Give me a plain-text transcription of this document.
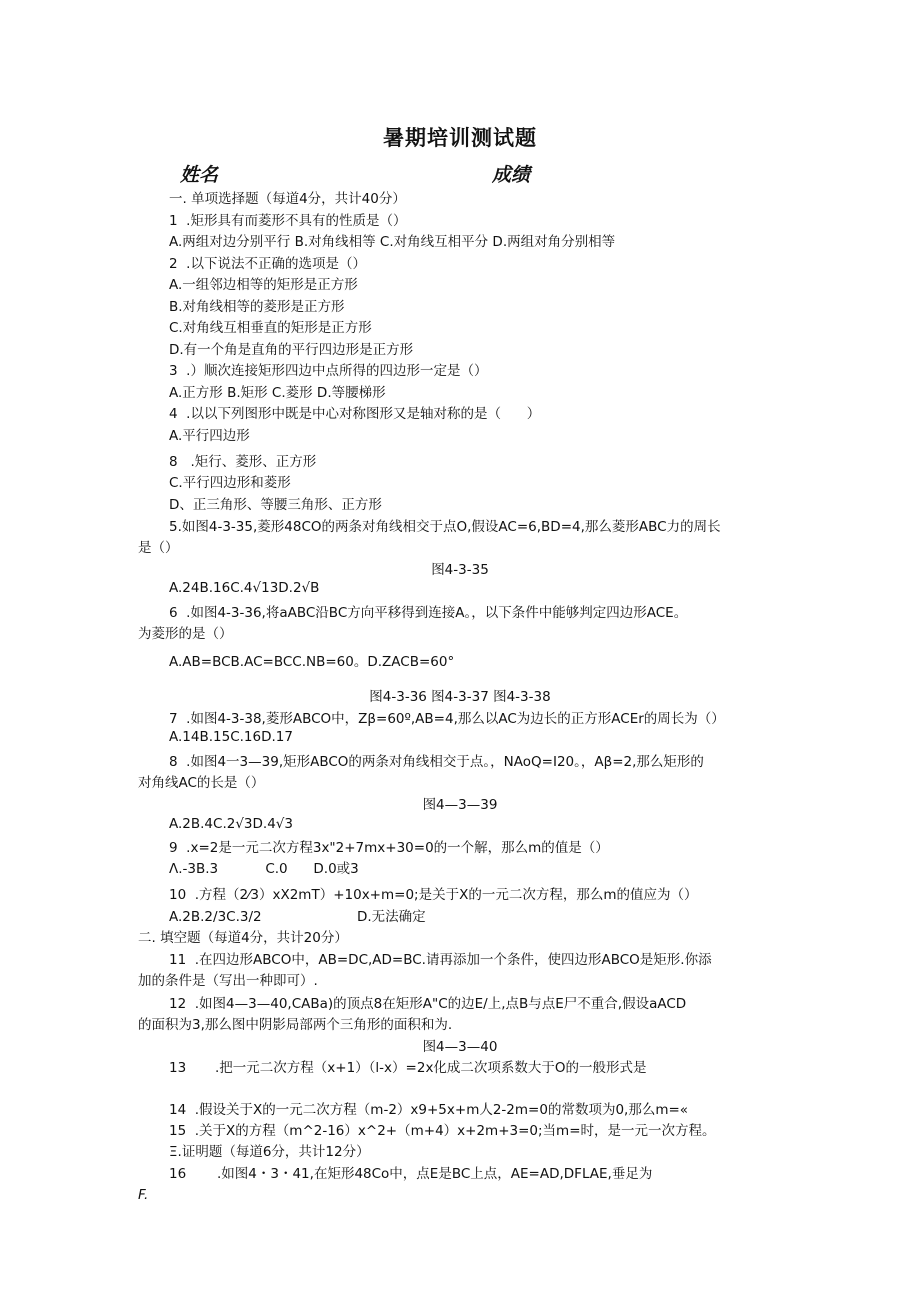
暑期培训测试题
姓名	成绩
一. 单项选择题（每道4分，共计40分）
1  .矩形具有而菱形不具有的性质是（）
A.两组对边分别平行 B.对角线相等 C.对角线互相平分 D.两组对角分别相等
2  .以下说法不正确的选项是（）
A.一组邻边相等的矩形是正方形
B.对角线相等的菱形是正方形
C.对角线互相垂直的矩形是正方形
D.有一个角是直角的平行四边形是正方形
3  .）顺次连接矩形四边中点所得的四边形一定是（）
A.正方形 B.矩形 C.菱形 D.等腰梯形
4  .以以下列图形中既是中心对称图形又是轴对称的是（      ）
A.平行四边形
8   .矩行、菱形、正方形
C.平行四边形和菱形
D、正三角形、等腰三角形、正方形
5.如图4-3-35,菱形48CO的两条对角线相交于点O,假设AC=6,BD=4,那么菱形ABC力的周长
是（）
图4-3-35
A.24B.16C.4√13D.2√B
6  .如图4-3-36,将aABC沿BC方向平移得到连接A。，以下条件中能够判定四边形ACE。
为菱形的是（）
A.AB=BCB.AC=BCC.NB=60。D.ZACB=60°
图4-3-36 图4-3-37 图4-3-38
7  .如图4-3-38,菱形ABCO中，Zβ=60º,AB=4,那么以AC为边长的正方形ACEr的周长为（）
A.14B.15C.16D.17
8  .如图4一3—39,矩形ABCO的两条对角线相交于点。，NAoQ=I20。，Aβ=2,那么矩形的
对角线AC的长是（）
图4—3—39
A.2B.4C.2√3D.4√3
9  .x=2是一元二次方程3x"2+7mx+30=0的一个解，那么m的值是（）
Λ.-3B.3           C.0      D.0或3
10  .方程（2⁄3）xX2mT）+10x+m=0;是关于X的一元二次方程，那么m的值应为（）
A.2B.2/3C.3/2	D.无法确定
二. 填空题（每道4分，共计20分）
11  .在四边形ABCO中，AB=DC,AD=BC.请再添加一个条件，使四边形ABCO是矩形.你添
加的条件是（写出一种即可）.
12  .如图4—3—40,CABa)的顶点8在矩形A"C的边E/上,点B与点E尸不重合,假设aACD
的面积为3,那么图中阴影局部两个三角形的面积和为.
图4—3—40
13 .把一元二次方程（x+1）（l-x）=2x化成二次项系数大于O的一般形式是
14  .假设关于X的一元二次方程（m-2）x9+5x+m人2-2m=0的常数项为0,那么m=«
15  .关于X的方程（m^2-16）x^2+（m+4）x+2m+3=0;当m=时，是一元一次方程。
Ξ.证明题（每道6分，共计12分）
16 .如图4・3・41,在矩形48Co中，点E是BC上点，AE=AD,DFLAE,垂足为
F.
